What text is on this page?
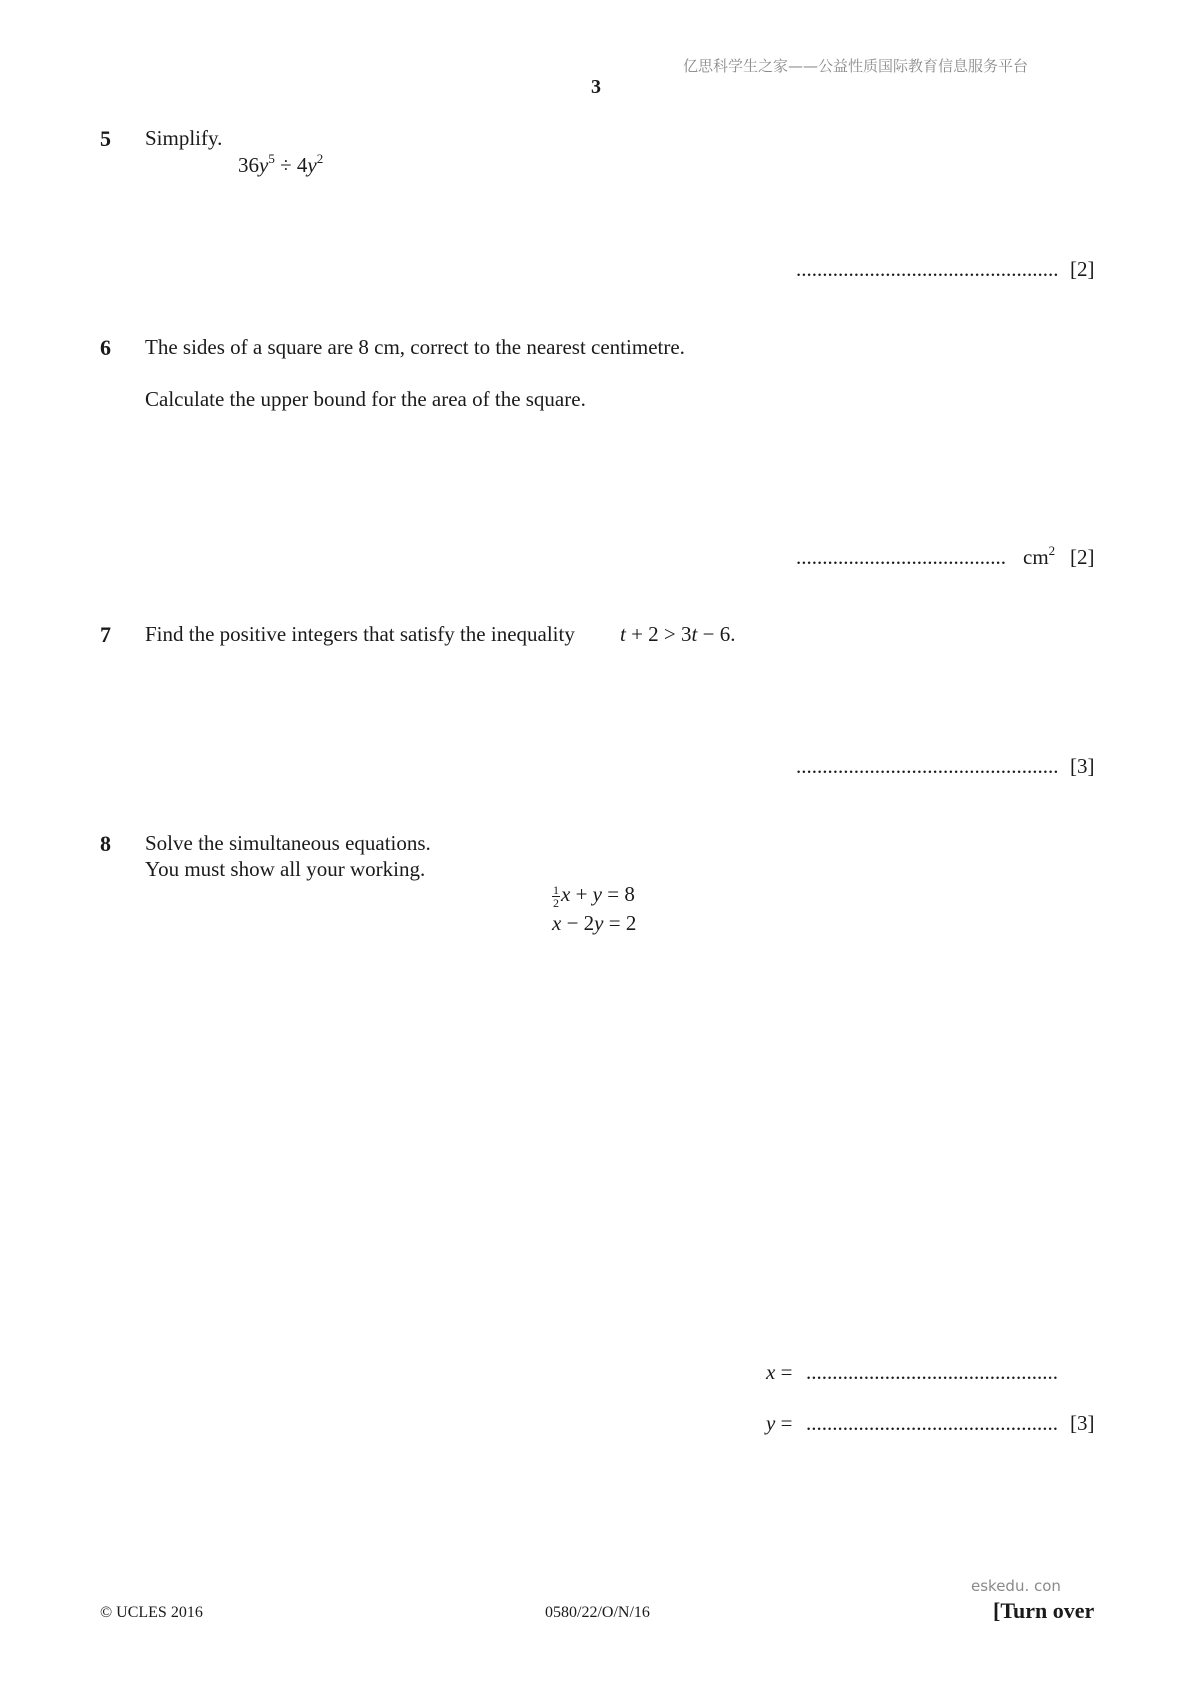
亿思科学生之家——公益性质国际教育信息服务平台
3
5 Simplify.
$36y^5 \div 4y^2$
.................................................. [2]
6 The sides of a square are 8 cm, correct to the nearest centimetre.
Calculate the upper bound for the area of the square.
........................................ $cm^2$ [2]
7 Find the positive integers that satisfy the inequality t + 2 > 3t − 6.
.................................................. [3]
8 Solve the simultaneous equations.
You must show all your working.
$\frac{1}{2}$ x + y = 8
x − 2y = 2
x = ................................................
y = ................................................ [3]
eskedu. con
© UCLES 2016	0580/22/O/N/16	[Turn over
